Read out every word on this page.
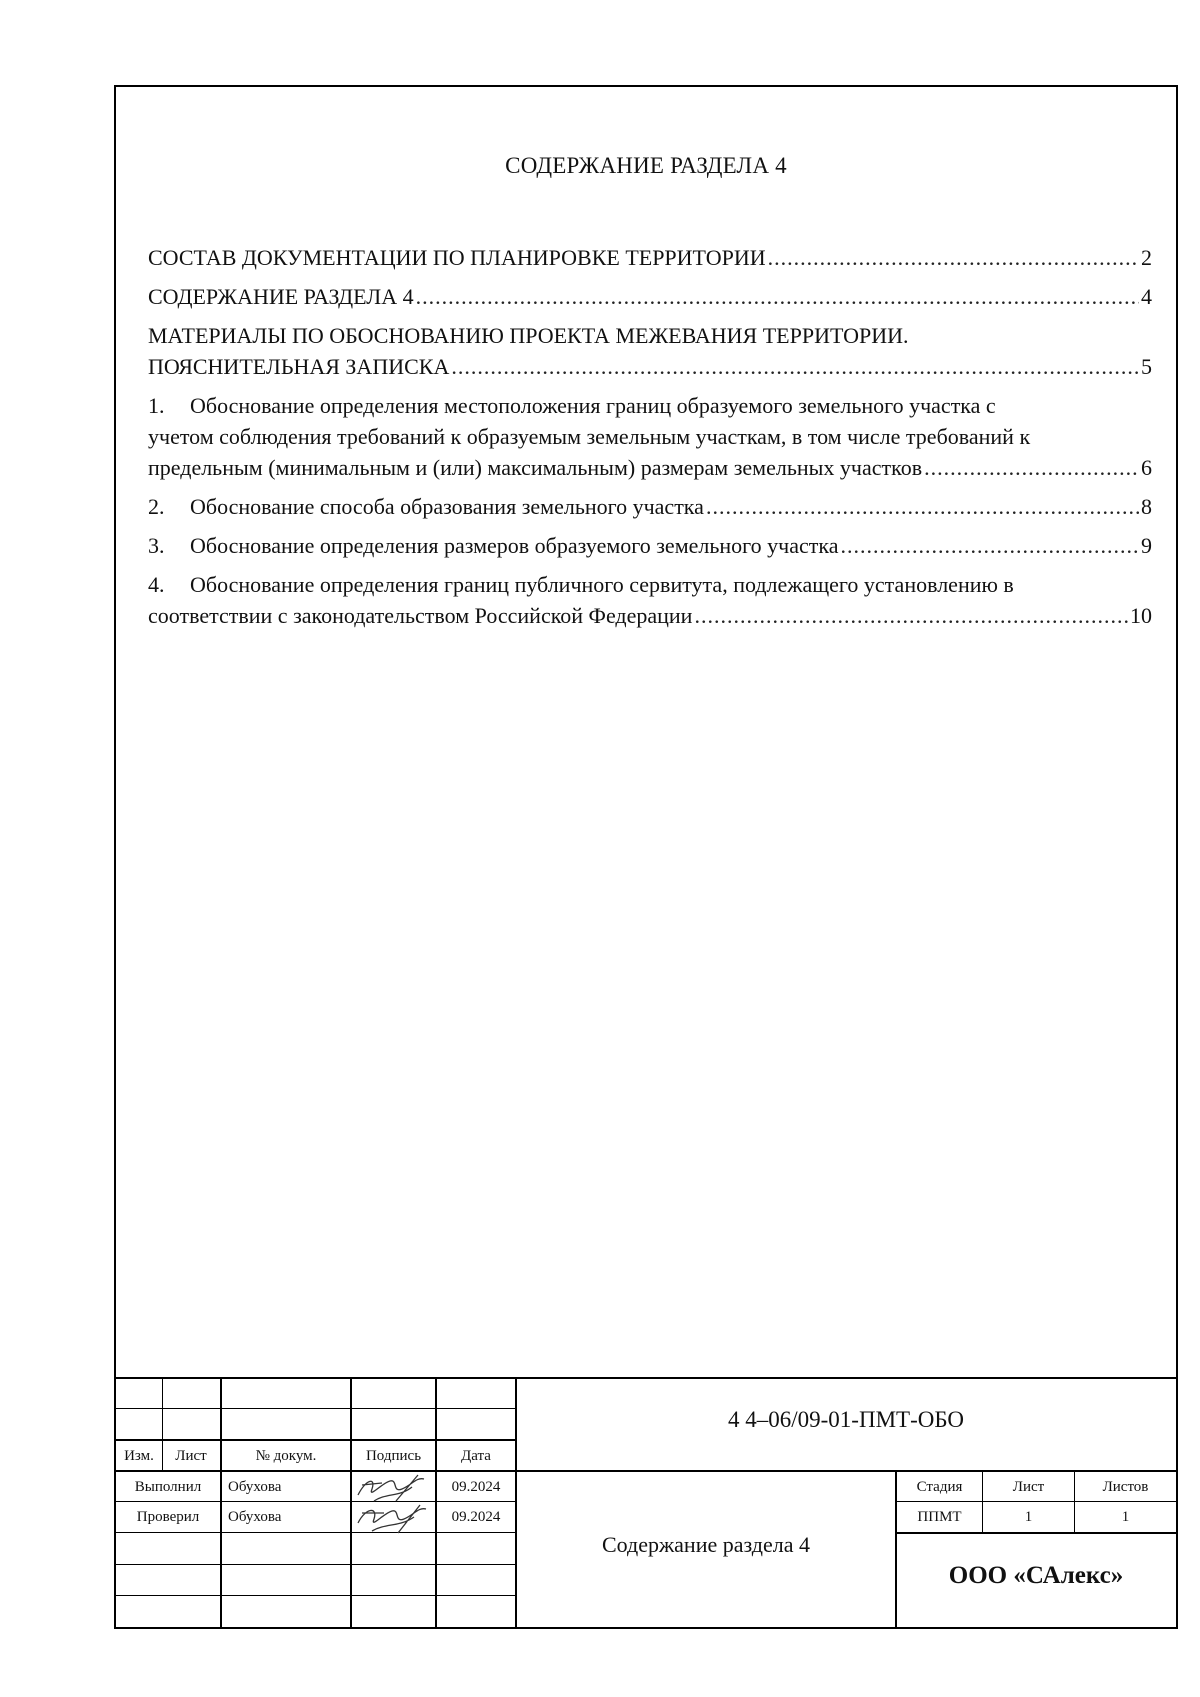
СОДЕРЖАНИЕ РАЗДЕЛА 4
СОСТАВ ДОКУМЕНТАЦИИ ПО ПЛАНИРОВКЕ ТЕРРИТОРИИ .....	2
СОДЕРЖАНИЕ РАЗДЕЛА 4 .....	4
МАТЕРИАЛЫ ПО ОБОСНОВАНИЮ ПРОЕКТА МЕЖЕВАНИЯ ТЕРРИТОРИИ.
ПОЯСНИТЕЛЬНАЯ ЗАПИСКА .....	5
1. Обоснование определения местоположения границ образуемого земельного участка с
учетом соблюдения требований к образуемым земельным участкам, в том числе требований к
предельным (минимальным и (или) максимальным) размерам земельных участков .....	6
2.	Обоснование способа образования земельного участка .....	8
3.	Обоснование определения размеров образуемого земельного участка .....	9
4. Обоснование определения границ публичного сервитута, подлежащего установлению в
соответствии с законодательством Российской Федерации .....	10
Изм.	Лист	№ докум.	Подпись	Дата
Выполнил	Обухова	09.2024
Проверил	Обухова	09.2024
4 4–06/09-01-ПМТ-ОБО
Содержание раздела 4
Стадия	Лист	Листов
ППМТ	1	1
ООО «САлекс»
